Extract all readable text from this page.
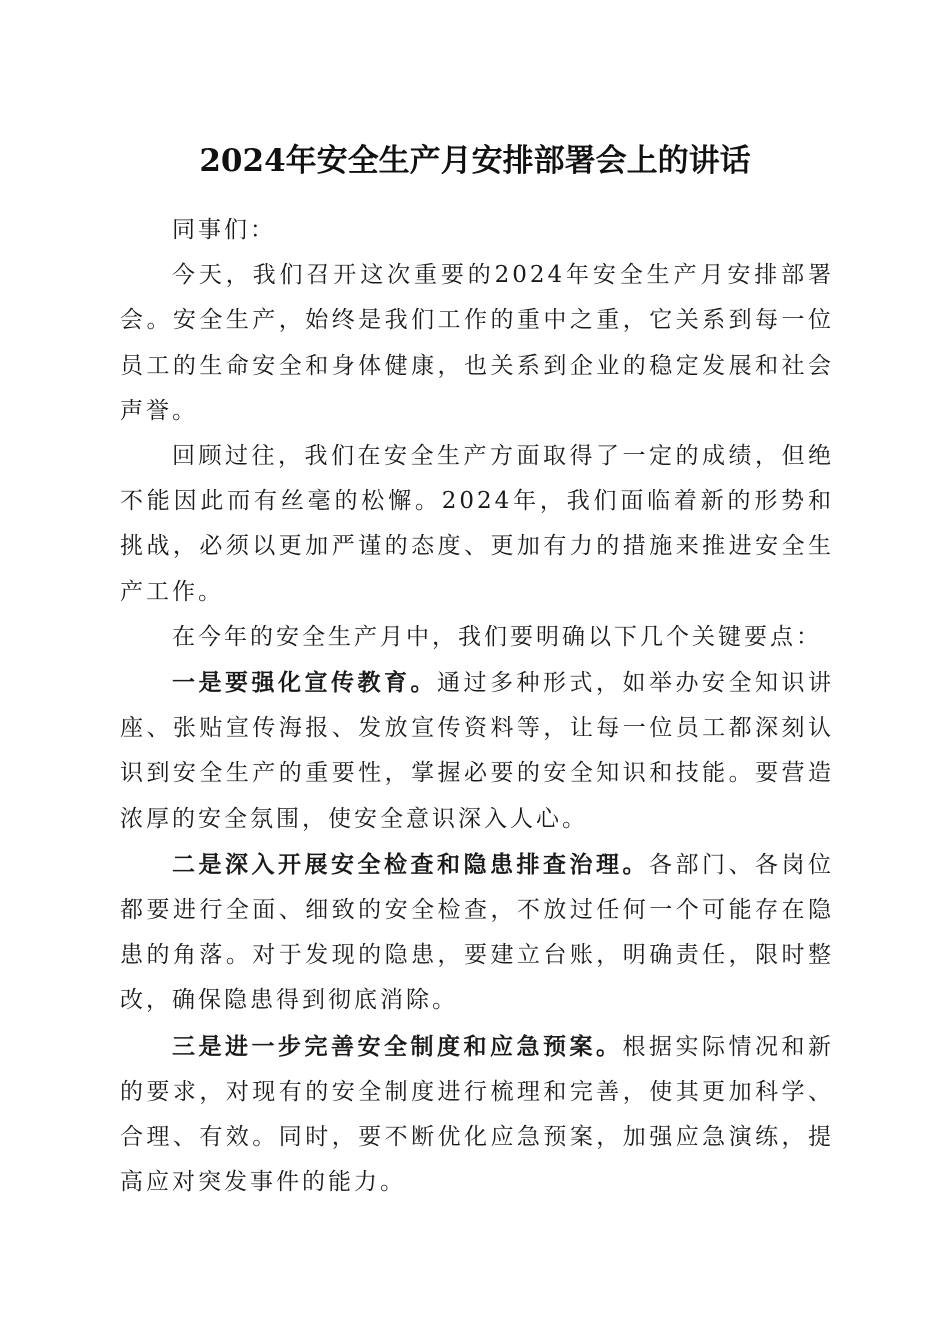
2024年安全生产月安排部署会上的讲话

同事们：

今天，我们召开这次重要的2024年安全生产月安排部署会。安全生产，始终是我们工作的重中之重，它关系到每一位员工的生命安全和身体健康，也关系到企业的稳定发展和社会声誉。

回顾过往，我们在安全生产方面取得了一定的成绩，但绝不能因此而有丝毫的松懈。2024年，我们面临着新的形势和挑战，必须以更加严谨的态度、更加有力的措施来推进安全生产工作。

在今年的安全生产月中，我们要明确以下几个关键要点：

一是要强化宣传教育。通过多种形式，如举办安全知识讲座、张贴宣传海报、发放宣传资料等，让每一位员工都深刻认识到安全生产的重要性，掌握必要的安全知识和技能。要营造浓厚的安全氛围，使安全意识深入人心。

二是深入开展安全检查和隐患排查治理。各部门、各岗位都要进行全面、细致的安全检查，不放过任何一个可能存在隐患的角落。对于发现的隐患，要建立台账，明确责任，限时整改，确保隐患得到彻底消除。

三是进一步完善安全制度和应急预案。根据实际情况和新的要求，对现有的安全制度进行梳理和完善，使其更加科学、合理、有效。同时，要不断优化应急预案，加强应急演练，提高应对突发事件的能力。
